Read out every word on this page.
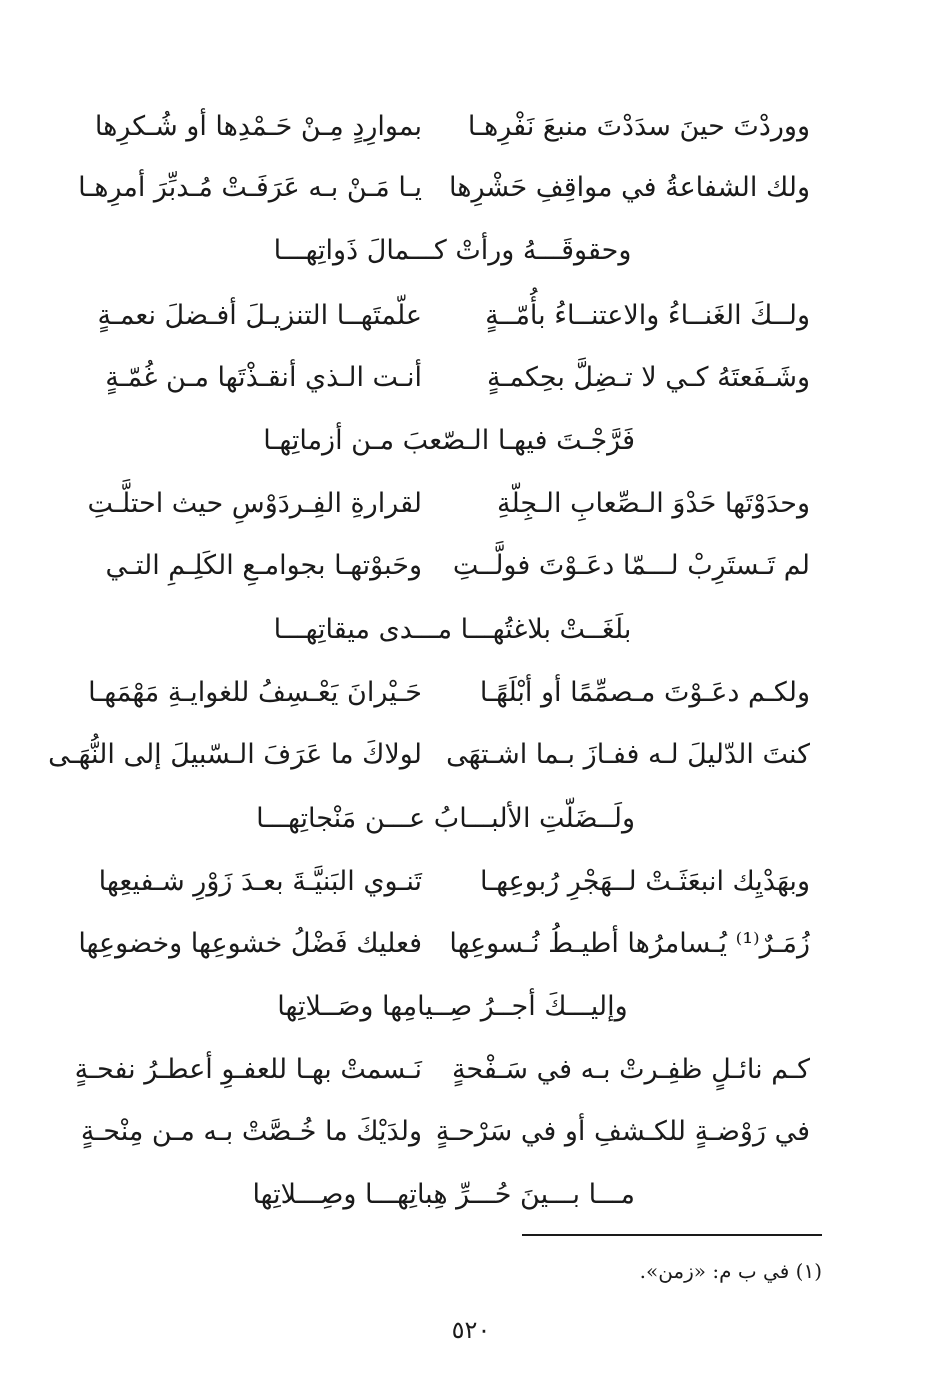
ووردْتَ حينَ سدَدْتَ منبعَ نَفْرِهـا
بموارِدٍ مِـنْ حَـمْدِها أو شُـكرِها
ولك الشفاعةُ في مواقِفِ حَشْرِها
يـا مَـنْ بـه عَرَفَـتْ مُـدبِّرَ أمرِهـا
وحقوقَـــهُ ورأتْ كـــمالَ ذَواتِهـــا
ولــكَ الغَنــاءُ والاعتنــاءُ بأُمّــةٍ
علّمتَهــا التنزيـلَ أفـضلَ نعمـةٍ
وشَـفَعتَهُ كـي لا تـضِلَّ بحِكمـةٍ
أنـت الـذي أنقـذْتَها مـن غُمّـةٍ
فَرَّجْـتَ فيهـا الـصّعبَ مـن أزماتِهـا
وحدَوْتَها حَدْوَ الـصِّعابِ الـجِلّةِ
لقرارةِ الفِـردَوْسِ حيث احتلَّـتِ
لم تَـستَرِبْ لـــمّا دعَـوْتَ فولَّــتِ
وحَبوْتهـا بجوامـعِ الكَلِـمِ التـي
بلَغَــتْ بلاغتُهـــا مـــدى ميقاتِهـــا
ولكـم دعَـوْتَ مـصمِّمًا أو أبْلَهًـا
حَـيْرانَ يَعْـسِفُ للغوايـةِ مَهْمَهـا
كنتَ الدّليلَ لـه ففـازَ بـما اشـتهَى
لولاكَ ما عَرَفَ الـسّبيلَ إلى النُّهَـى
ولَــضَلّتِ الألبـــابُ عـــن مَنْجاتِهـــا
وبهَدْيِك انبعَثَـتْ لــهَجْرِ رُبوعِهـا
تَنـوي البَنيَّـةَ بعـدَ زَوْرِ شـفيعِها
زُمَـرٌ⁽¹⁾ يُـسامرُها أطيـطُ نُـسوعِها
فعليك فَضْلُ خشوعِها وخضوعِها
وإليـــكَ أجــرُ صِــيامِها وصَــلاتِها
كـم نائـلٍ ظفِـرتْ بـه في سَـفْحةٍ
نَـسمتْ بهـا للعفـوِ أعطـرُ نفحـةٍ
في رَوْضـةٍ للكـشفِ أو في سَرْحـةٍ
ولدَيْكَ ما خُـصَّتْ بـه مـن مِنْحـةٍ
مـــا بـــينَ حُـــرِّ هِباتِهـــا وصِـــلاتِها
(١) في ب م: «زمن».
٥٢٠
